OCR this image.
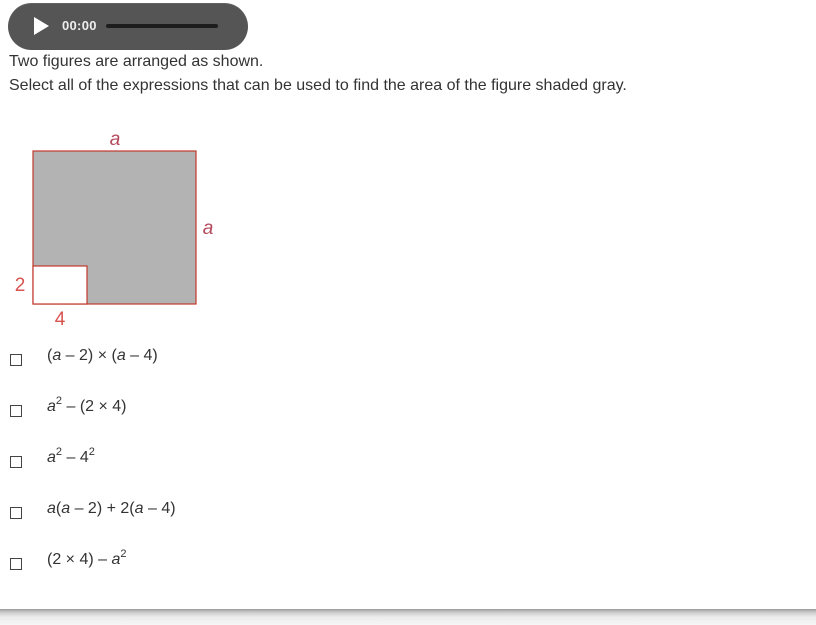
00:00
Two figures are arranged as shown.
Select all of the expressions that can be used to find the area of the figure shaded gray.
a
a
2
4
(a – 2) × (a – 4)
$a^2 - (2 \times 4)$
$a^2 - 4^2$
a(a – 2) + 2(a – 4)
$(2 \times 4) - a^2$
